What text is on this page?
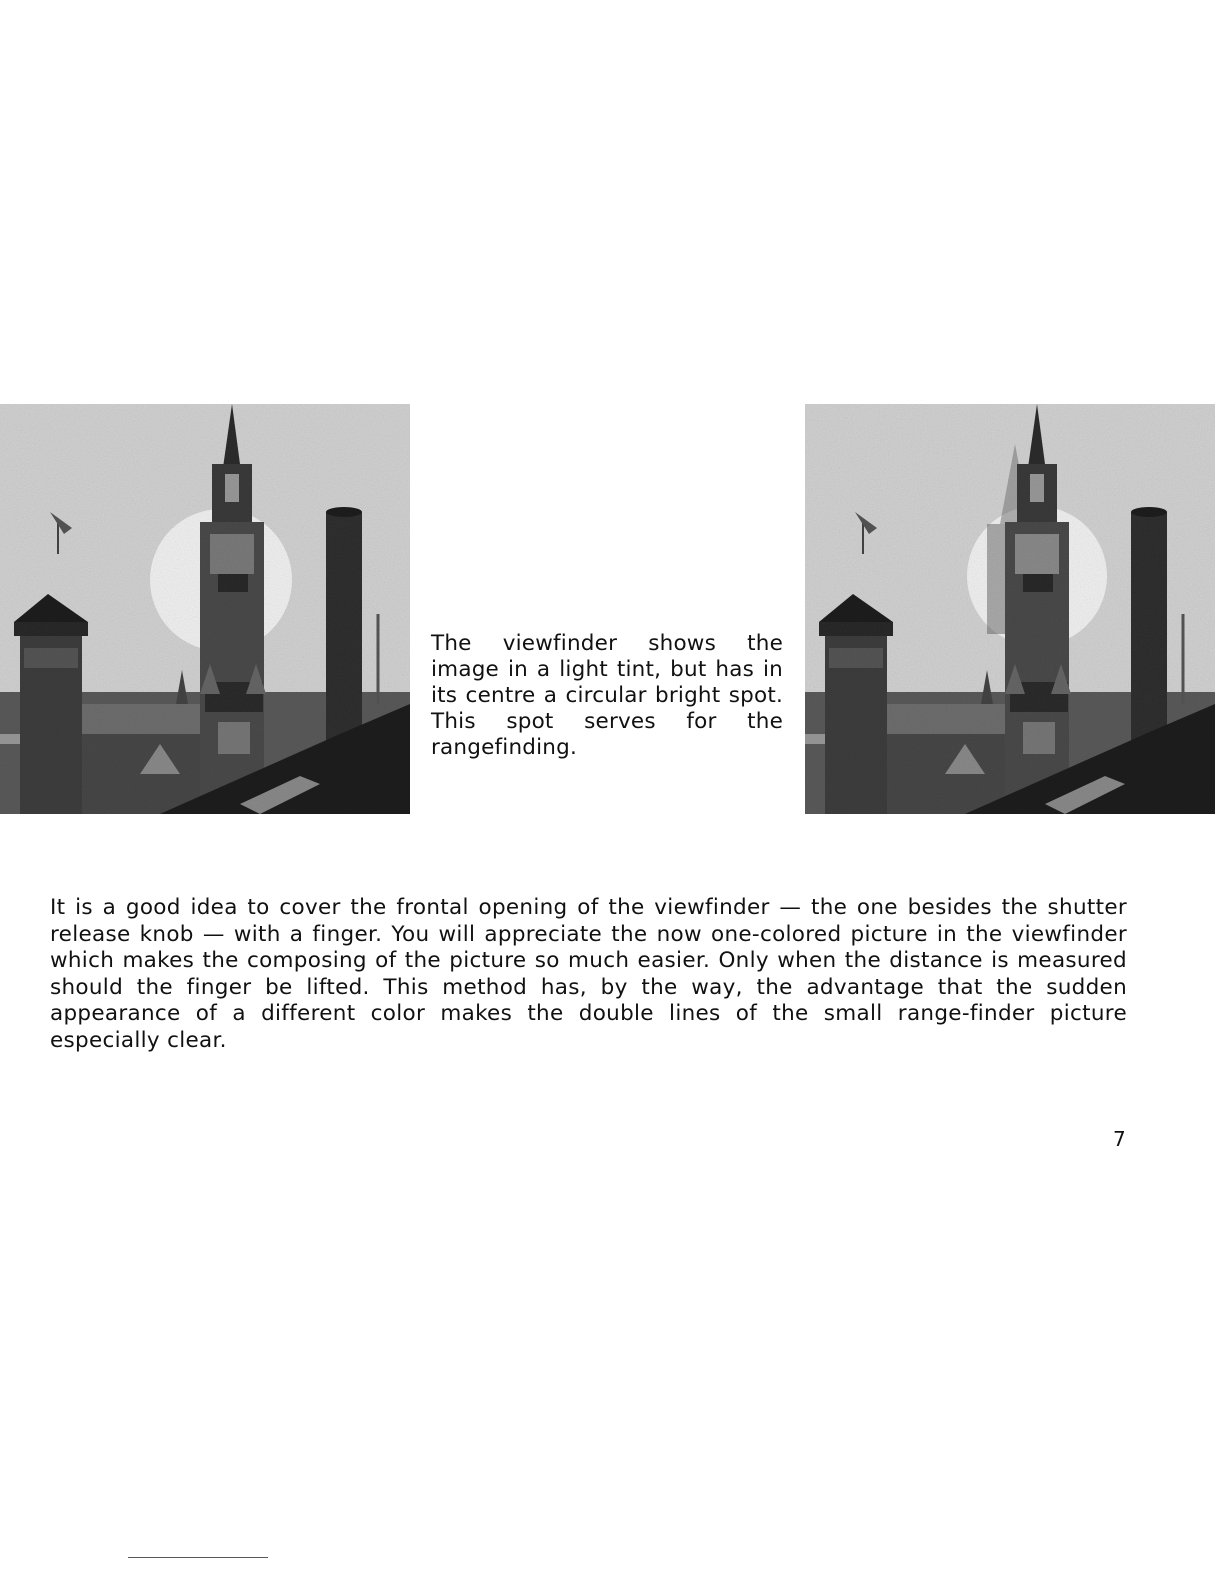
The viewfinder shows the image in a light tint, but has in its centre a circular bright spot. This spot serves for the rangefinding.

It is a good idea to cover the frontal opening of the viewfinder — the one besides the shutter release knob — with a finger. You will appreciate the now one-colored picture in the viewfinder which makes the composing of the picture so much easier. Only when the distance is measured should the finger be lifted. This method has, by the way, the advantage that the sudden appearance of a different color makes the double lines of the small range-finder picture especially clear.

7
